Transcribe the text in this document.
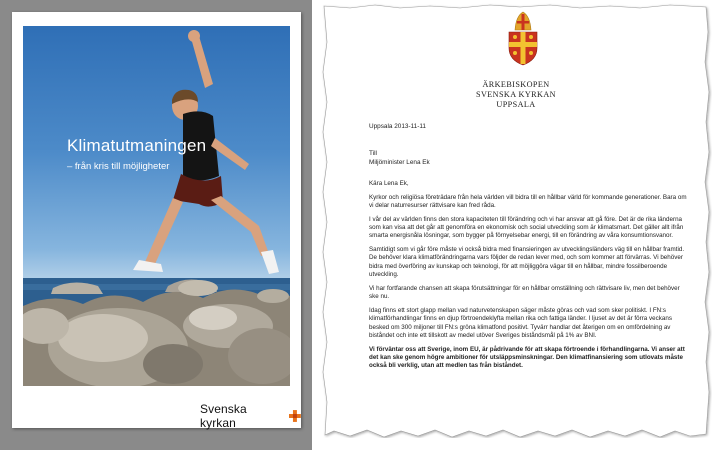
Klimatutmaningen

– från kris till möjligheter

Svenska kyrkan

ÄRKEBISKOPEN

SVENSKA KYRKAN

UPPSALA

Uppsala 2013-11-11

Till

Miljöminister Lena Ek

Kära Lena Ek,

Kyrkor och religiösa företrädare från hela världen vill bidra till en hållbar värld för kommande generationer. Bara om vi delar naturresurser rättvisare kan fred råda.

I vår del av världen finns den stora kapaciteten till förändring och vi har ansvar att gå före. Det är de rika länderna som kan visa att det går att genomföra en ekonomisk och social utveckling som är klimatsmart. Det gäller allt ifrån smarta energisnåla lösningar, som bygger på förnyelsebar energi, till en förändring av våra konsumtionsvanor.

Samtidigt som vi går före måste vi också bidra med finansieringen av utvecklingsländers väg till en hållbar framtid. De behöver klara klimatförändringarna vars följder de redan lever med, och som kommer att förvärras. Vi behöver bidra med överföring av kunskap och teknologi, för att möjliggöra vägar till en hållbar, mindre fossilberoende utveckling.

Vi har fortfarande chansen att skapa förutsättningar för en hållbar omställning och rättvisare liv, men det behöver ske nu.

Idag finns ett stort glapp mellan vad naturvetenskapen säger måste göras och vad som sker politiskt. I FN:s klimatförhandlingar finns en djup förtroendeklyfta mellan rika och fattiga länder. I ljuset av det är förra veckans besked om 300 miljoner till FN:s gröna klimatfond positivt. Tyvärr handlar det återigen om en omfördelning av biståndet och inte ett tillskott av medel utöver Sveriges biståndsmål på 1% av BNI.

Vi förväntar oss att Sverige, inom EU, är pådrivande för att skapa förtroende i förhandlingarna. Vi anser att det kan ske genom högre ambitioner för utsläppsminskningar. Den klimatfinansiering som utlovats måste också bli verklig, utan att medlen tas från biståndet.
